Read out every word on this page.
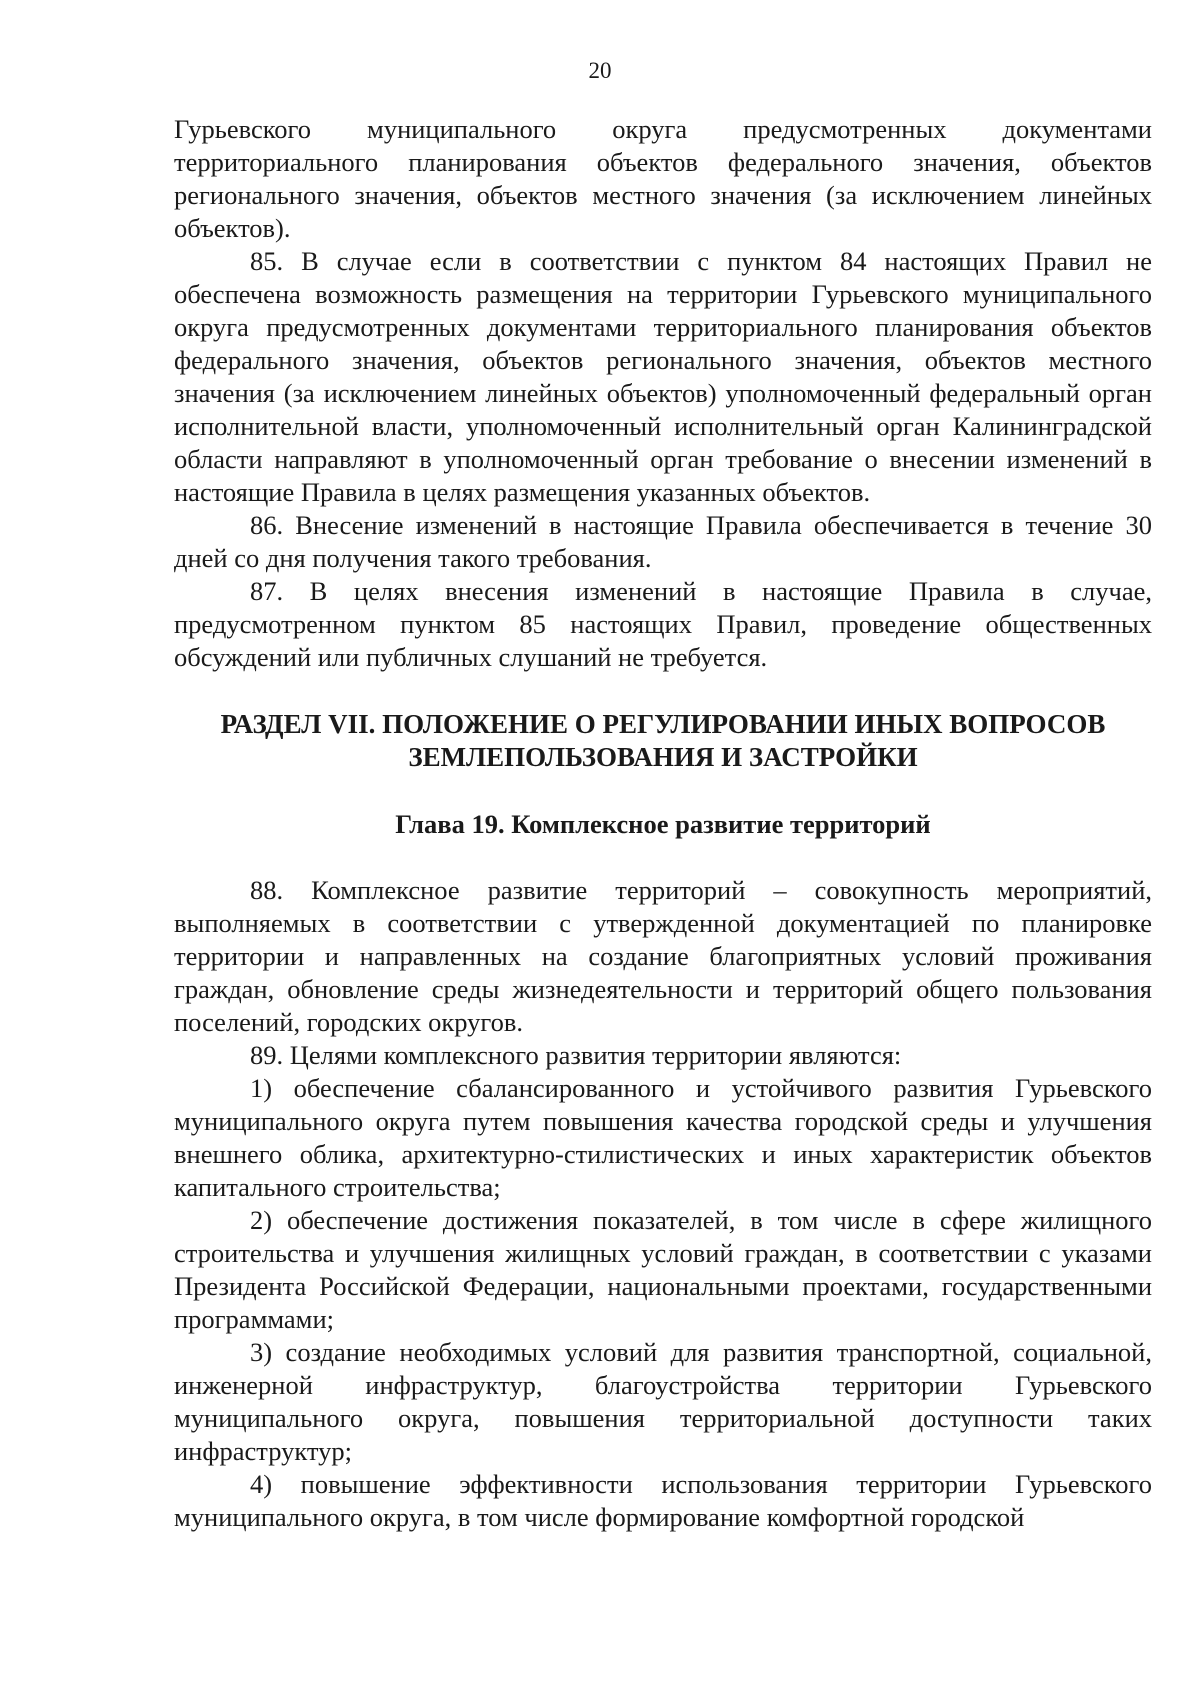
20

Гурьевского муниципального округа предусмотренных документами территориального планирования объектов федерального значения, объектов регионального значения, объектов местного значения (за исключением линейных объектов).

85. В случае если в соответствии с пунктом 84 настоящих Правил не обеспечена возможность размещения на территории Гурьевского муниципального округа предусмотренных документами территориального планирования объектов федерального значения, объектов регионального значения, объектов местного значения (за исключением линейных объектов) уполномоченный федеральный орган исполнительной власти, уполномоченный исполнительный орган Калининградской области направляют в уполномоченный орган требование о внесении изменений в настоящие Правила в целях размещения указанных объектов.

86. Внесение изменений в настоящие Правила обеспечивается в течение 30 дней со дня получения такого требования.

87. В целях внесения изменений в настоящие Правила в случае, предусмотренном пунктом 85 настоящих Правил, проведение общественных обсуждений или публичных слушаний не требуется.

РАЗДЕЛ VII. ПОЛОЖЕНИЕ О РЕГУЛИРОВАНИИ ИНЫХ ВОПРОСОВ ЗЕМЛЕПОЛЬЗОВАНИЯ И ЗАСТРОЙКИ
Глава 19. Комплексное развитие территорий

88. Комплексное развитие территорий – совокупность мероприятий, выполняемых в соответствии с утвержденной документацией по планировке территории и направленных на создание благоприятных условий проживания граждан, обновление среды жизнедеятельности и территорий общего пользования поселений, городских округов.

89. Целями комплексного развития территории являются:

1) обеспечение сбалансированного и устойчивого развития Гурьевского муниципального округа путем повышения качества городской среды и улучшения внешнего облика, архитектурно-стилистических и иных характеристик объектов капитального строительства;

2) обеспечение достижения показателей, в том числе в сфере жилищного строительства и улучшения жилищных условий граждан, в соответствии с указами Президента Российской Федерации, национальными проектами, государственными программами;

3) создание необходимых условий для развития транспортной, социальной, инженерной инфраструктур, благоустройства территории Гурьевского муниципального округа, повышения территориальной доступности таких инфраструктур;

4) повышение эффективности использования территории Гурьевского муниципального округа, в том числе формирование комфортной городской
